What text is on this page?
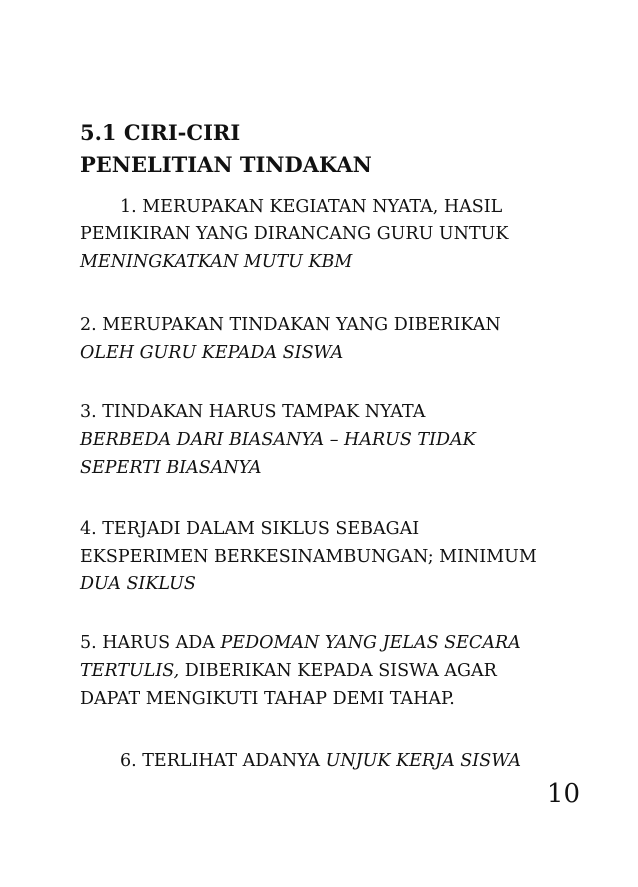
5.1 CIRI-CIRI
PENELITIAN TINDAKAN
1. MERUPAKAN KEGIATAN NYATA, HASIL
PEMIKIRAN YANG DIRANCANG GURU UNTUK
MENINGKATKAN MUTU KBM
2. MERUPAKAN TINDAKAN YANG DIBERIKAN
OLEH GURU KEPADA SISWA
3. TINDAKAN HARUS TAMPAK NYATA
BERBEDA DARI BIASANYA – HARUS TIDAK
SEPERTI BIASANYA
4. TERJADI DALAM SIKLUS SEBAGAI
EKSPERIMEN BERKESINAMBUNGAN; MINIMUM
DUA SIKLUS
5. HARUS ADA PEDOMAN YANG JELAS SECARA
TERTULIS, DIBERIKAN KEPADA SISWA AGAR
DAPAT MENGIKUTI TAHAP DEMI TAHAP.
6. TERLIHAT ADANYA UNJUK KERJA SISWA
10
